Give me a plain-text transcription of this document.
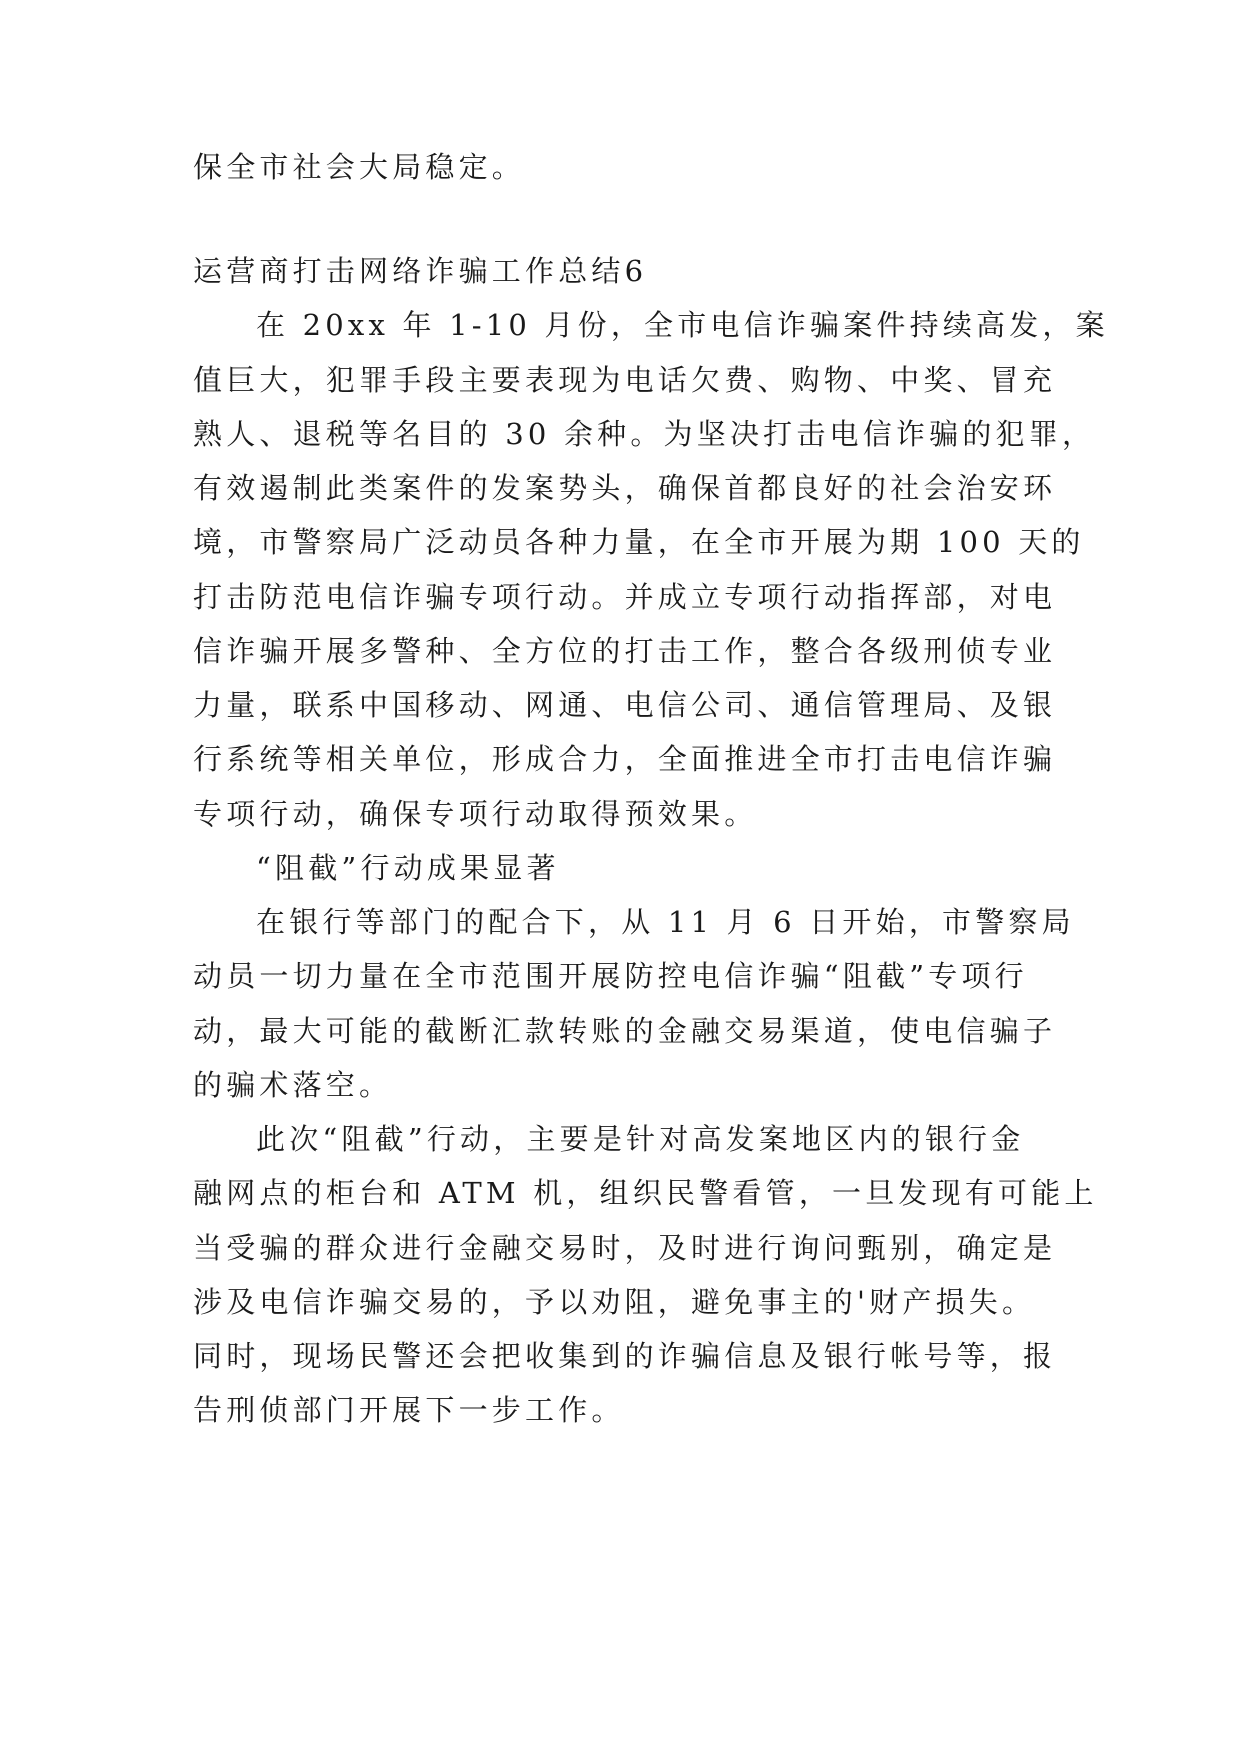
保全市社会大局稳定。
运营商打击网络诈骗工作总结6
在 20xx 年 1-10 月份，全市电信诈骗案件持续高发，案
值巨大，犯罪手段主要表现为电话欠费、购物、中奖、冒充
熟人、退税等名目的 30 余种。为坚决打击电信诈骗的犯罪，
有效遏制此类案件的发案势头，确保首都良好的社会治安环
境，市警察局广泛动员各种力量，在全市开展为期 100 天的
打击防范电信诈骗专项行动。并成立专项行动指挥部，对电
信诈骗开展多警种、全方位的打击工作，整合各级刑侦专业
力量，联系中国移动、网通、电信公司、通信管理局、及银
行系统等相关单位，形成合力，全面推进全市打击电信诈骗
专项行动，确保专项行动取得预效果。
“阻截”行动成果显著
在银行等部门的配合下，从 11 月 6 日开始，市警察局
动员一切力量在全市范围开展防控电信诈骗“阻截”专项行
动，最大可能的截断汇款转账的金融交易渠道，使电信骗子
的骗术落空。
此次“阻截”行动，主要是针对高发案地区内的银行金
融网点的柜台和 ATM 机，组织民警看管，一旦发现有可能上
当受骗的群众进行金融交易时，及时进行询问甄别，确定是
涉及电信诈骗交易的，予以劝阻，避免事主的'财产损失。
同时，现场民警还会把收集到的诈骗信息及银行帐号等，报
告刑侦部门开展下一步工作。
